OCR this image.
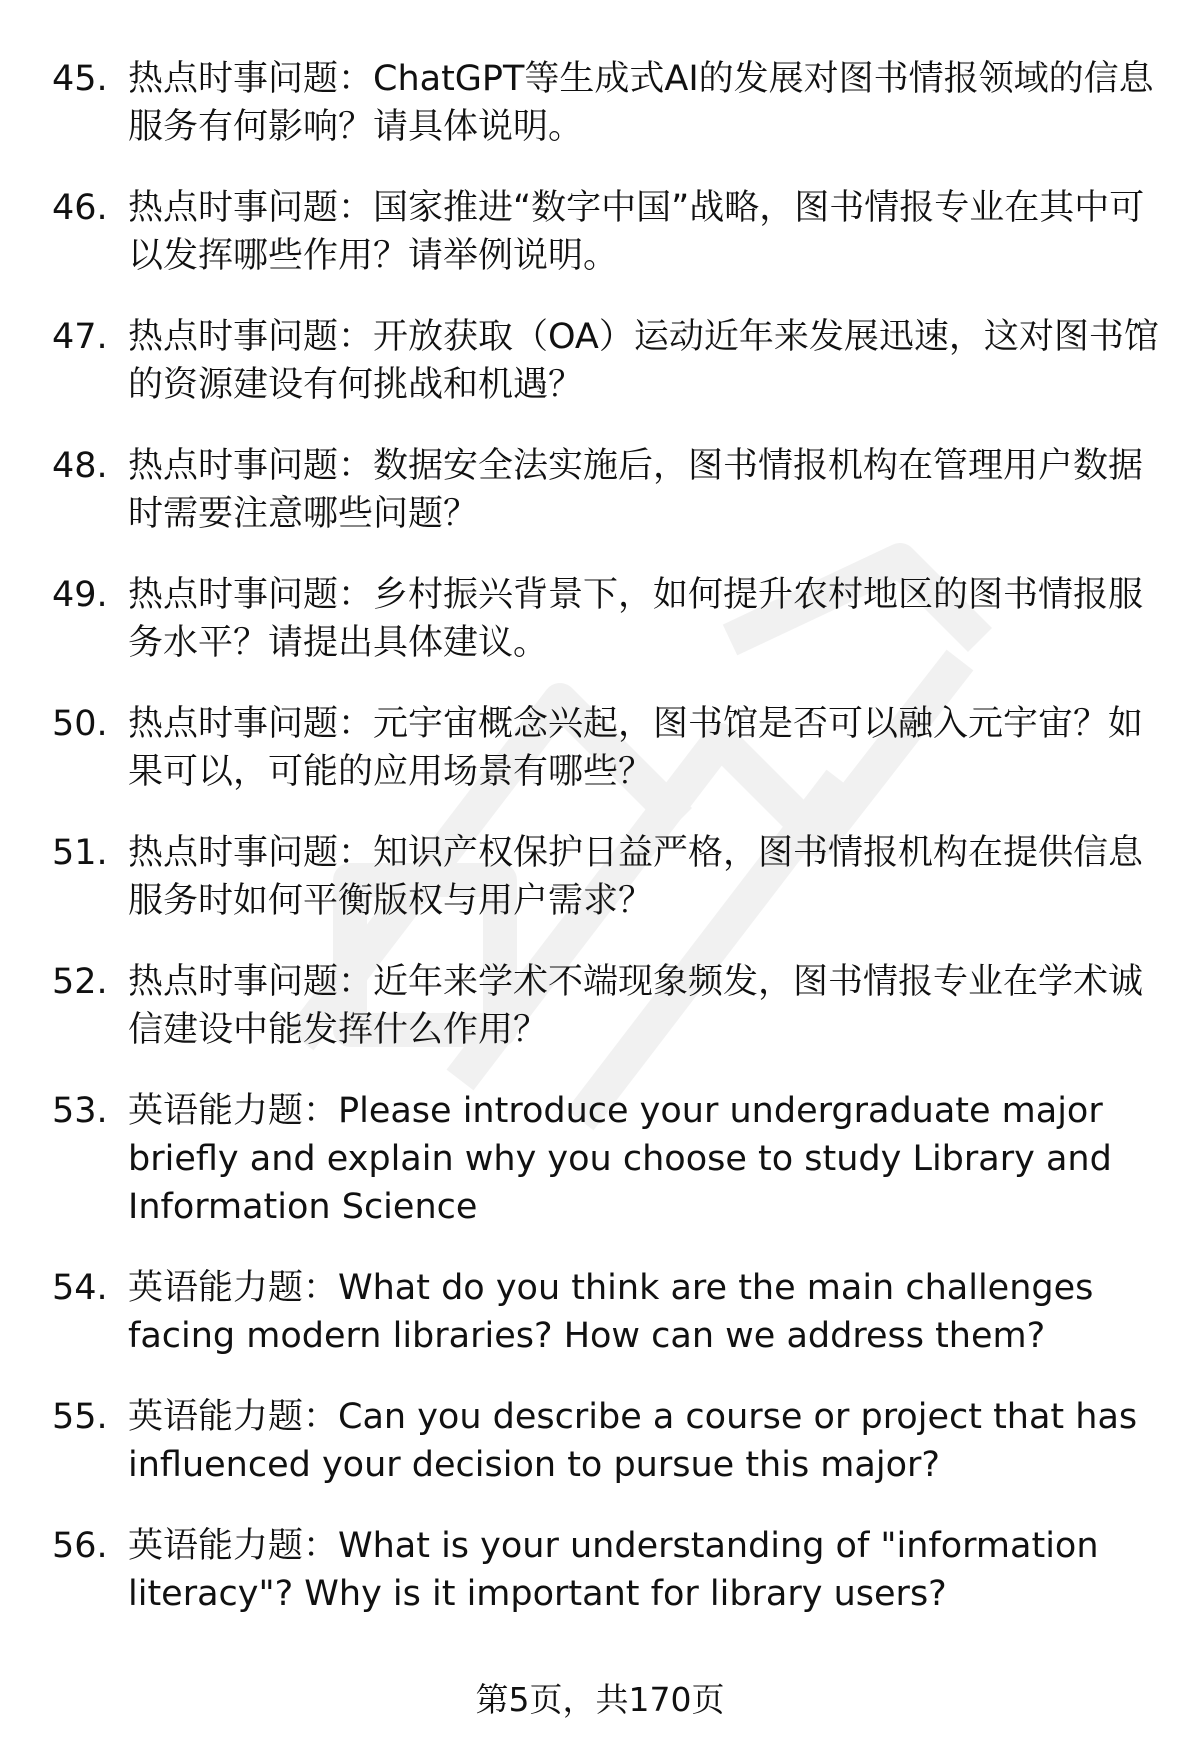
45. 热点时事问题：ChatGPT等生成式AI的发展对图书情报领域的信息服务有何影响？请具体说明。
46. 热点时事问题：国家推进“数字中国”战略，图书情报专业在其中可以发挥哪些作用？请举例说明。
47. 热点时事问题：开放获取（OA）运动近年来发展迅速，这对图书馆的资源建设有何挑战和机遇？
48. 热点时事问题：数据安全法实施后，图书情报机构在管理用户数据时需要注意哪些问题？
49. 热点时事问题：乡村振兴背景下，如何提升农村地区的图书情报服务水平？请提出具体建议。
50. 热点时事问题：元宇宙概念兴起，图书馆是否可以融入元宇宙？如果可以，可能的应用场景有哪些？
51. 热点时事问题：知识产权保护日益严格，图书情报机构在提供信息服务时如何平衡版权与用户需求？
52. 热点时事问题：近年来学术不端现象频发，图书情报专业在学术诚信建设中能发挥什么作用？
53. 英语能力题：Please introduce your undergraduate major briefly and explain why you choose to study Library and Information Science
54. 英语能力题：What do you think are the main challenges facing modern libraries? How can we address them?
55. 英语能力题：Can you describe a course or project that has influenced your decision to pursue this major?
56. 英语能力题：What is your understanding of "information literacy"? Why is it important for library users?
第5页，共170页
